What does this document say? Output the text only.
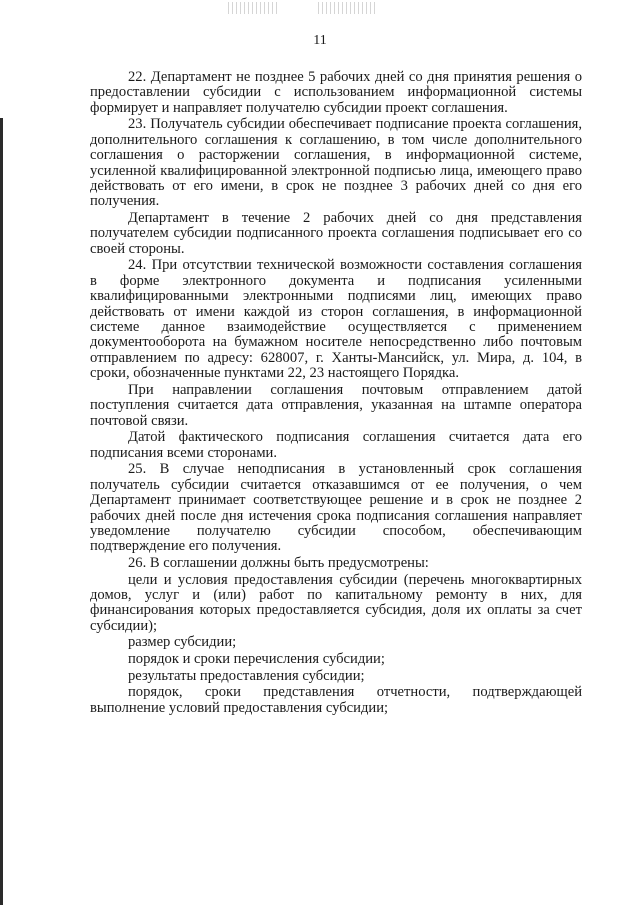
11

22. Департамент не позднее 5 рабочих дней со дня принятия решения о предоставлении субсидии с использованием информационной системы формирует и направляет получателю субсидии проект соглашения.

23. Получатель субсидии обеспечивает подписание проекта соглашения, дополнительного соглашения к соглашению, в том числе дополнительного соглашения о расторжении соглашения, в информационной системе, усиленной квалифицированной электронной подписью лица, имеющего право действовать от его имени, в срок не позднее 3 рабочих дней со дня его получения.

Департамент в течение 2 рабочих дней со дня представления получателем субсидии подписанного проекта соглашения подписывает его со своей стороны.

24. При отсутствии технической возможности составления соглашения в форме электронного документа и подписания усиленными квалифицированными электронными подписями лиц, имеющих право действовать от имени каждой из сторон соглашения, в информационной системе данное взаимодействие осуществляется с применением документооборота на бумажном носителе непосредственно либо почтовым отправлением по адресу: 628007, г. Ханты-Мансийск, ул. Мира, д. 104, в сроки, обозначенные пунктами 22, 23 настоящего Порядка.

При направлении соглашения почтовым отправлением датой поступления считается дата отправления, указанная на штампе оператора почтовой связи.

Датой фактического подписания соглашения считается дата его подписания всеми сторонами.

25. В случае неподписания в установленный срок соглашения получатель субсидии считается отказавшимся от ее получения, о чем Департамент принимает соответствующее решение и в срок не позднее 2 рабочих дней после дня истечения срока подписания соглашения направляет уведомление получателю субсидии способом, обеспечивающим подтверждение его получения.

26. В соглашении должны быть предусмотрены:

цели и условия предоставления субсидии (перечень многоквартирных домов, услуг и (или) работ по капитальному ремонту в них, для финансирования которых предоставляется субсидия, доля их оплаты за счет субсидии);

размер субсидии;

порядок и сроки перечисления субсидии;

результаты предоставления субсидии;

порядок, сроки представления отчетности, подтверждающей выполнение условий предоставления субсидии;
